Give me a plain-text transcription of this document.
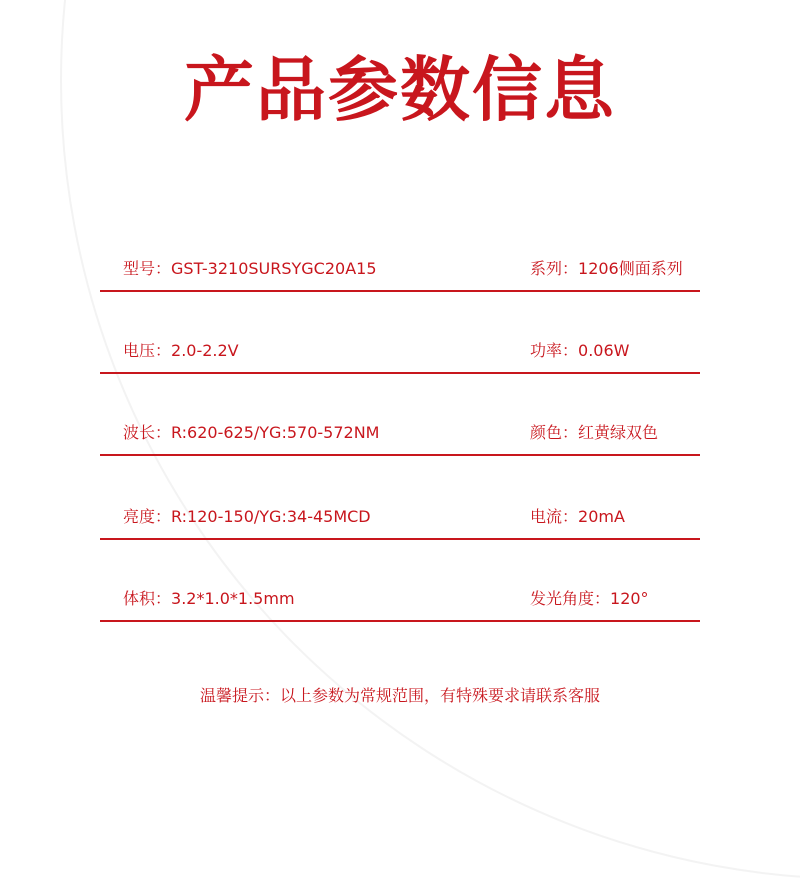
产品参数信息
型号：GST-3210SURSYGC20A15	系列：1206侧面系列
电压：2.0-2.2V	功率：0.06W
波长：R:620-625/YG:570-572NM	颜色：红黄绿双色
亮度：R:120-150/YG:34-45MCD	电流：20mA
体积：3.2*1.0*1.5mm	发光角度：120°
温馨提示：以上参数为常规范围，有特殊要求请联系客服
